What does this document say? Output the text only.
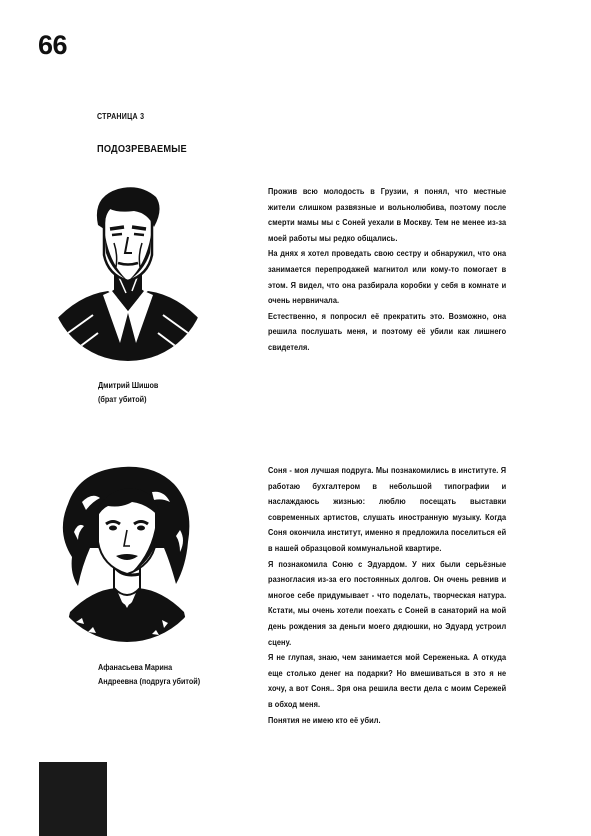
66
СТРАНИЦА 3
ПОДОЗРЕВАЕМЫЕ
Дмитрий Шишов
(брат убитой)

Прожив всю молодость в Грузии, я понял, что местные жители слишком развязные и вольнолюбива, поэтому после смерти мамы мы с Соней уехали в Москву. Тем не менее из-за моей работы мы редко общались.

На днях я хотел проведать свою сестру и обнаружил, что она занимается перепродажей магнитол или кому-то помогает в этом. Я видел, что она разбирала коробки у себя в комнате и очень нервничала.

Естественно, я попросил её прекратить это. Возможно, она решила послушать меня, и поэтому её убили как лишнего свидетеля.

Афанасьева Марина
Андреевна (подруга убитой)

Соня - моя лучшая подруга. Мы познакомились в институте. Я работаю бухгалтером в небольшой типографии и наслаждаюсь жизнью: люблю посещать выставки современных артистов, слушать иностранную музыку. Когда Соня окончила институт, именно я предложила поселиться ей в нашей образцовой коммунальной квартире.

Я познакомила Соню с Эдуардом. У них были серьёзные разногласия из-за его постоянных долгов. Он очень ревнив и многое себе придумывает - что поделать, творческая натура. Кстати, мы очень хотели поехать с Соней в санаторий на мой день рождения за деньги моего дядюшки, но Эдуард устроил сцену.

Я не глупая, знаю, чем занимается мой Сереженька. А откуда еще столько денег на подарки? Но вмешиваться в это я не хочу, а вот Соня.. Зря она решила вести дела с моим Сережей в обход меня.

Понятия не имею кто её убил.
